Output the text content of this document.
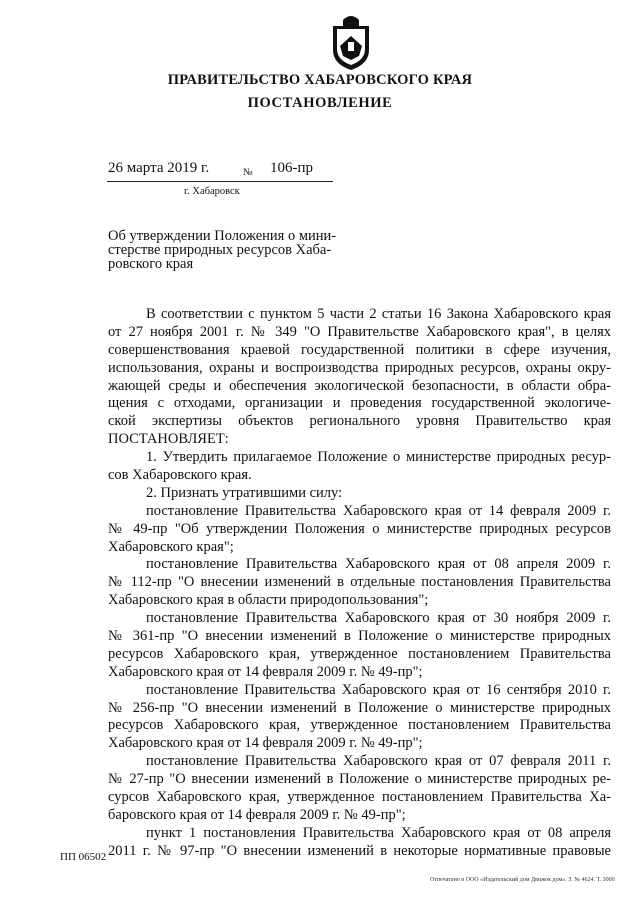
ПРАВИТЕЛЬСТВО ХАБАРОВСКОГО КРАЯ
ПОСТАНОВЛЕНИЕ
26 марта 2019 г.	№ 106-пр
г. Хабаровск
Об утверждении Положения о мини-
стерстве природных ресурсов Хаба-
ровского края
В соответствии с пунктом 5 части 2 статьи 16 Закона Хабаровского края
от 27 ноября 2001 г. № 349 "О Правительстве Хабаровского края", в целях
совершенствования краевой государственной политики в сфере изучения,
использования, охраны и воспроизводства природных ресурсов, охраны окру-
жающей среды и обеспечения экологической безопасности, в области обра-
щения с отходами, организации и проведения государственной экологиче-
ской экспертизы объектов регионального уровня Правительство края
ПОСТАНОВЛЯЕТ:
1. Утвердить прилагаемое Положение о министерстве природных ресур-
сов Хабаровского края.
2. Признать утратившими силу:
постановление Правительства Хабаровского края от 14 февраля 2009 г.
№ 49-пр "Об утверждении Положения о министерстве природных ресурсов
Хабаровского края";
постановление Правительства Хабаровского края от 08 апреля 2009 г.
№ 112-пр "О внесении изменений в отдельные постановления Правительства
Хабаровского края в области природопользования";
постановление Правительства Хабаровского края от 30 ноября 2009 г.
№ 361-пр "О внесении изменений в Положение о министерстве природных
ресурсов Хабаровского края, утвержденное постановлением Правительства
Хабаровского края от 14 февраля 2009 г. № 49-пр";
постановление Правительства Хабаровского края от 16 сентября 2010 г.
№ 256-пр "О внесении изменений в Положение о министерстве природных
ресурсов Хабаровского края, утвержденное постановлением Правительства
Хабаровского края от 14 февраля 2009 г. № 49-пр";
постановление Правительства Хабаровского края от 07 февраля 2011 г.
№ 27-пр "О внесении изменений в Положение о министерстве природных ре-
сурсов Хабаровского края, утвержденное постановлением Правительства Ха-
баровского края от 14 февраля 2009 г. № 49-пр";
пункт 1 постановления Правительства Хабаровского края от 08 апреля
2011 г. № 97-пр "О внесении изменений в некоторые нормативные правовые
ПП 06502
Отпечатано в ООО «Издательский дом Движок дом». З. № 4624. Т. 3000
